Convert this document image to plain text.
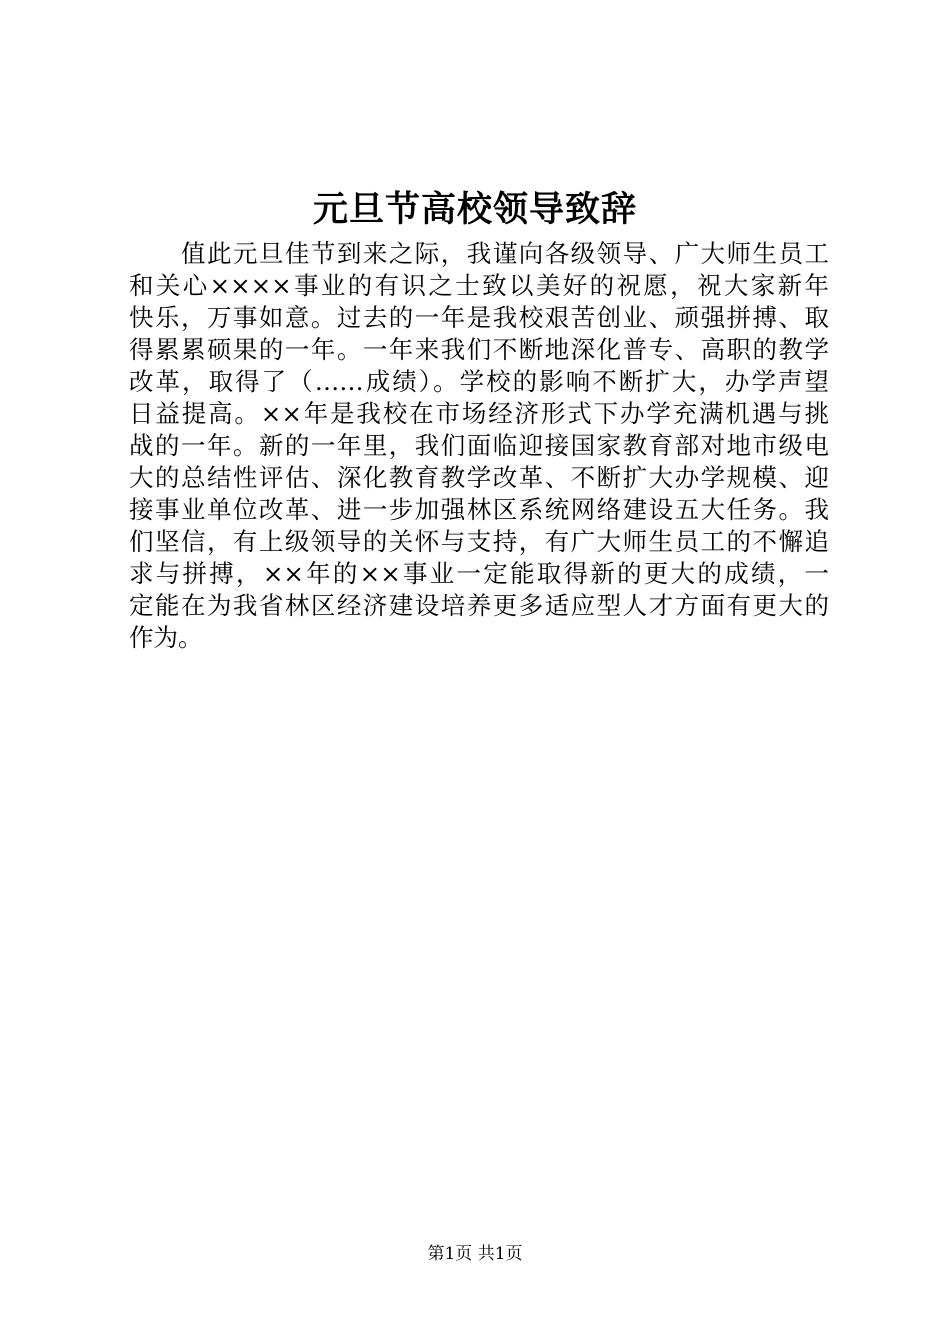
元旦节高校领导致辞
值此元旦佳节到来之际，我谨向各级领导、广大师生员工
和关心××××事业的有识之士致以美好的祝愿，祝大家新年
快乐，万事如意。过去的一年是我校艰苦创业、顽强拼搏、取
得累累硕果的一年。一年来我们不断地深化普专、高职的教学
改革，取得了（……成绩）。学校的影响不断扩大，办学声望
日益提高。××年是我校在市场经济形式下办学充满机遇与挑
战的一年。新的一年里，我们面临迎接国家教育部对地市级电
大的总结性评估、深化教育教学改革、不断扩大办学规模、迎
接事业单位改革、进一步加强林区系统网络建设五大任务。我
们坚信，有上级领导的关怀与支持，有广大师生员工的不懈追
求与拼搏，××年的××事业一定能取得新的更大的成绩，一
定能在为我省林区经济建设培养更多适应型人才方面有更大的
作为。
第1页 共1页
